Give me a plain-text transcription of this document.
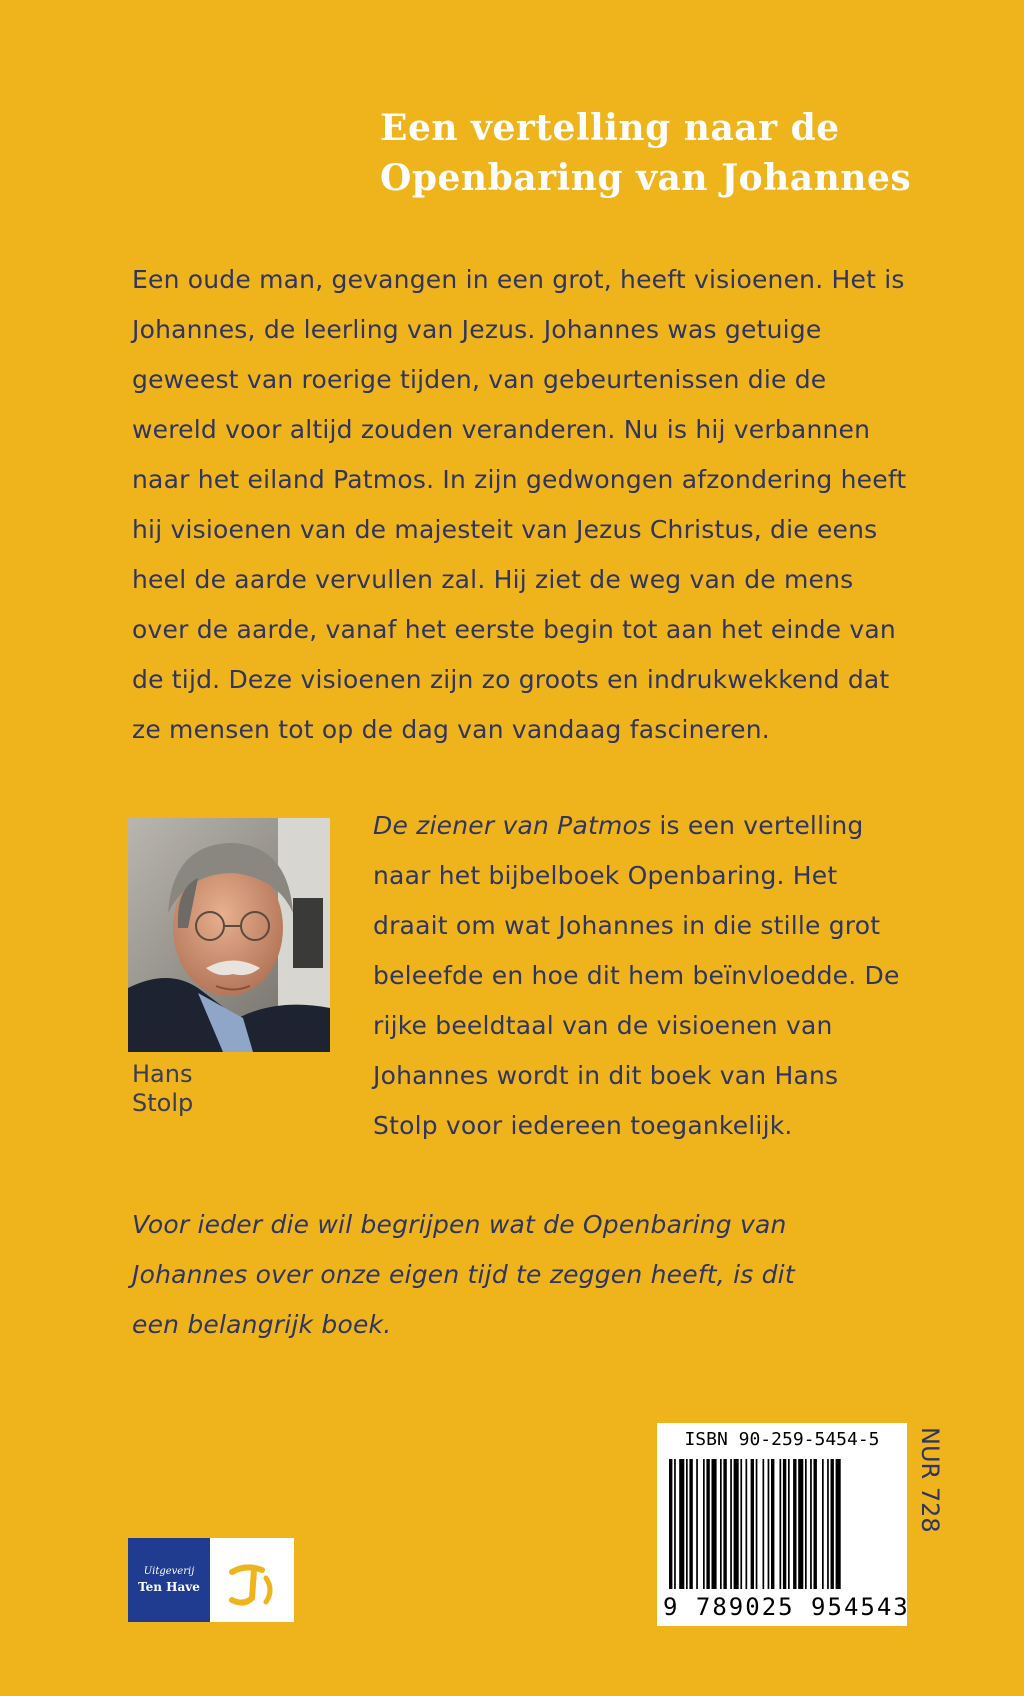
Een vertelling naar de
Openbaring van Johannes
Een oude man, gevangen in een grot, heeft visioenen. Het is
Johannes, de leerling van Jezus. Johannes was getuige
geweest van roerige tijden, van gebeurtenissen die de
wereld voor altijd zouden veranderen. Nu is hij verbannen
naar het eiland Patmos. In zijn gedwongen afzondering heeft
hij visioenen van de majesteit van Jezus Christus, die eens
heel de aarde vervullen zal. Hij ziet de weg van de mens
over de aarde, vanaf het eerste begin tot aan het einde van
de tijd. Deze visioenen zijn zo groots en indrukwekkend dat
ze mensen tot op de dag van vandaag fascineren.
Hans
Stolp
De ziener van Patmos is een vertelling
naar het bijbelboek Openbaring. Het
draait om wat Johannes in die stille grot
beleefde en hoe dit hem beïnvloedde. De
rijke beeldtaal van de visioenen van
Johannes wordt in dit boek van Hans
Stolp voor iedereen toegankelijk.
Voor ieder die wil begrijpen wat de Openbaring van
Johannes over onze eigen tijd te zeggen heeft, is dit
een belangrijk boek.
Uitgeverij
Ten Have
ISBN 90-259-5454-5
9 789025 954543
NUR 728
